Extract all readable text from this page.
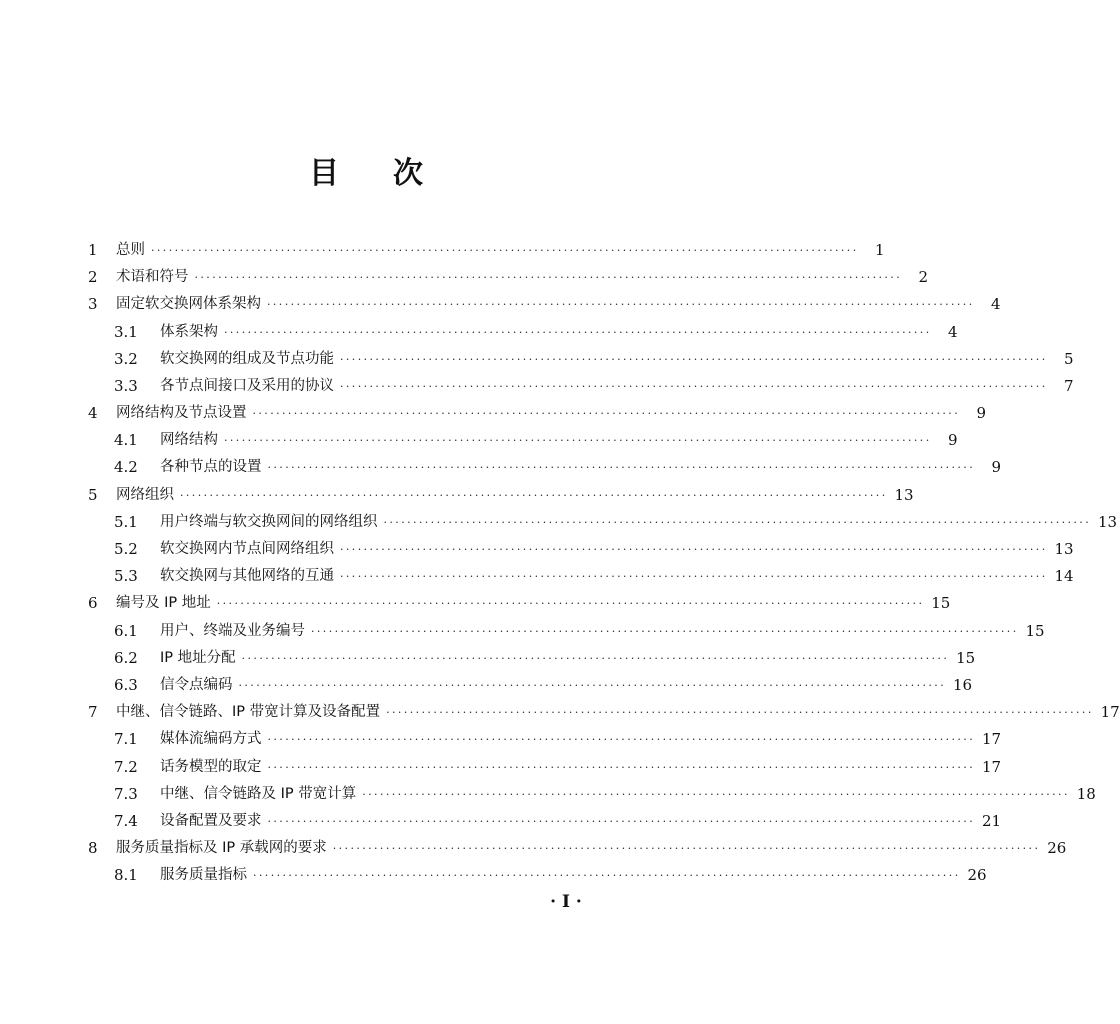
目 次
1	总则 ························································································································	1
2	术语和符号 ························································································································	2
3	固定软交换网体系架构 ························································································································	4
3.1	体系架构 ························································································································	4
3.2	软交换网的组成及节点功能 ························································································································	5
3.3	各节点间接口及采用的协议 ························································································································	7
4	网络结构及节点设置 ························································································································	9
4.1	网络结构 ························································································································	9
4.2	各种节点的设置 ························································································································	9
5	网络组织 ························································································································ 13
5.1	用户终端与软交换网间的网络组织 ························································································································ 13
5.2	软交换网内节点间网络组织 ························································································································ 13
5.3	软交换网与其他网络的互通 ························································································································ 14
6	编号及 IP 地址 ························································································································ 15
6.1	用户、终端及业务编号 ························································································································ 15
6.2	IP 地址分配 ························································································································ 15
6.3	信令点编码 ························································································································ 16
7	中继、信令链路、IP 带宽计算及设备配置 ························································································································ 17
7.1	媒体流编码方式 ························································································································ 17
7.2	话务模型的取定 ························································································································ 17
7.3	中继、信令链路及 IP 带宽计算 ························································································································ 18
7.4	设备配置及要求 ························································································································ 21
8	服务质量指标及 IP 承载网的要求 ························································································································ 26
8.1	服务质量指标 ························································································································ 26
· I ·
